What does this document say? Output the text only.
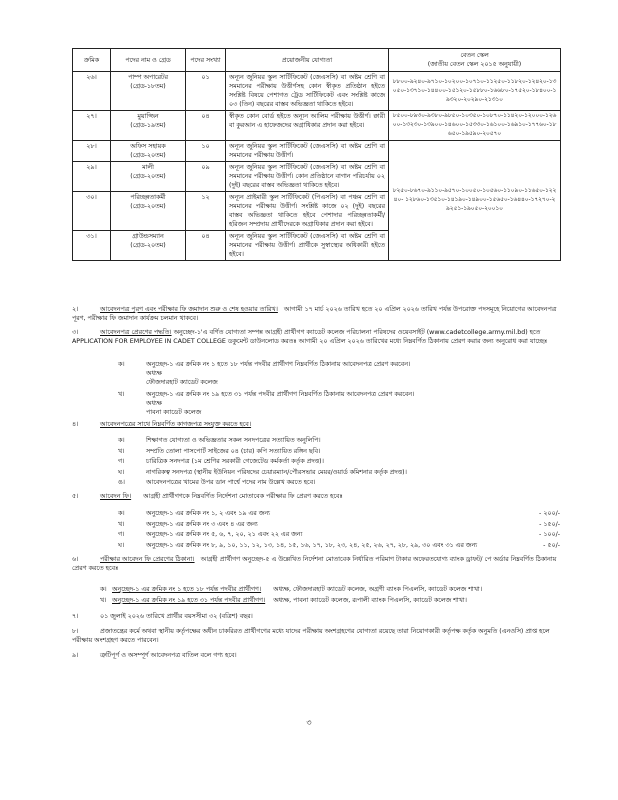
ক্রমিক	পদের নাম ও গ্রেড	পদের সংখ্যা	প্রয়োজনীয় যোগ্যতা	বেতন স্কেল
(জাতীয় বেতন স্কেল ২০১৫ অনুযায়ী)
২৬।	পাম্প অপারেটর
(গ্রেড-১৮তম)	০১	অন্যূন জুনিয়র স্কুল সার্টিফিকেট (জেএসসি) বা অষ্টম শ্রেণি বা সমমানের পরীক্ষায় উত্তীর্ণসহ কোন স্বীকৃত প্রতিষ্ঠান হইতে সংশ্লিষ্ট বিষয়ে পেশাগত ট্রেড সার্টিফিকেট এবং সংশ্লিষ্ট কাজে ০৩ (তিন) বছরের বাস্তব অভিজ্ঞতা থাকিতে হইবে।	৮৮০০-৯২৪০-৯৭১০-১০২০০-১০৭১০-১১২৫০-১১৮২০-১২৪২০-১৩০৫০-১৩৭১০-১৪৪০০-১৫১২০-১৫৮৮০-১৬৬৮০-১৭৫২০-১৮৪০০-১৯৩২০-২০২৯০-২১৩১০
২৭।	মুয়াজ্জিন
(গ্রেড-১৯তম)	০৪	স্বীকৃত কোন বোর্ড হইতে অন্যূন আলিম পরীক্ষায় উত্তীর্ণ। ক্বারী বা কুরআন এ হাফেজদের অগ্রাধিকার প্রদান করা হইবে।	৮৫০০-৮৯৩০-৯৩৮০-৯৮৫০-১০৩৫০-১০৮৭০-১১৪২০-১২০০০-১২৬০০-১৩২৩০-১৩৯০০-১৪৬০০-১৫৩৩০-১৬১০০-১৬৯১০-১৭৭৬০-১৮৬৫০-১৯৫৯০-২০৫৭০
২৮।	অফিস সহায়ক
(গ্রেড-২০তম)	১০	অন্যূন জুনিয়র স্কুল সার্টিফিকেট (জেএসসি) বা অষ্টম শ্রেণি বা সমমানের পরীক্ষায় উত্তীর্ণ।	৮২৫০-৮৬৭০-৯১১০-৯৫৭০-১০০৫০-১০৫৬০-১১০৯০-১১৬৫০-১২২৪০- ১২৮৬০-১৩৫১০-১৪১৯০-১৪৯০০-১৫৬৫০-১৬৪৪০-১৭২৭০-২৯২৫১-১৯০৫০-২০০১০
২৯।	মালী
(গ্রেড-২০তম)	০৯	অন্যূন জুনিয়র স্কুল সার্টিফিকেট (জেএসসি) বা অষ্টম শ্রেণি বা সমমানের পরীক্ষায় উত্তীর্ণ। কোন প্রতিষ্ঠানে বাগান পরিচর্যায় ০২ (দুই) বছরের বাস্তব অভিজ্ঞতা থাকিতে হইবে।	
৩০।	পরিচ্ছন্নতাকর্মী
(গ্রেড-২০তম)	১২	অন্যূন প্রাইমারী স্কুল সার্টিফিকেট (পিএসসি) বা পঞ্চম শ্রেণি বা সমমানের পরীক্ষায় উত্তীর্ণ। সংশ্লিষ্ট কাজে ০২ (দুই) বছরের বাস্তব অভিজ্ঞতা থাকিতে হইবে পেশাদার পরিচ্ছন্নতাকর্মী/ হরিজন সম্প্রদায় প্রার্থীদেরকে অগ্রাধিকার প্রদান করা হইবে।	
৩১।	গ্রাউন্ডসম্যান
(গ্রেড-২০তম)	০৪	অন্যূন জুনিয়র স্কুল সার্টিফিকেট (জেএসসি) বা অষ্টম শ্রেণি বা সমমানের পরীক্ষায় উত্তীর্ণ। প্রার্থীকে সুস্বাস্থ্যের অধিকারী হইতে হইবে।	
২।	আবেদনপত্র পূরণ এবং পরীক্ষার ফি জমাদান শুরু ও শেষ হওয়ার তারিখ। আগামী ১৭ মার্চ ২০২৬ তারিখ হতে ২০ এপ্রিল ২০২৬ তারিখ পর্যন্ত উপরোক্ত পদসমূহে নিয়োগের আবেদনপত্র পূরণ, পরীক্ষার ফি জমাদান কার্যক্রম চলমান থাকবে।
৩।	আবেদনপত্র প্রেরণের পদ্ধতি। অনুচ্ছেদ-১'এ বর্ণিত যোগ্যতা সম্পন্ন আগ্রহী প্রার্থীগণ ক্যাডেট কলেজ পরিচালনা পরিষদের ওয়েবসাইট (www.cadetcollege.army.mil.bd) হতে APPLICATION FOR EMPLOYEE IN CADET COLLEGE ডকুমেন্ট ডাউনলোড করতঃ আগামী ২০ এপ্রিল ২০২৬ তারিখের মধ্যে নিম্নবর্ণিত ঠিকানায় প্রেরণ করার জন্য অনুরোধ করা যাচ্ছেঃ
ক।	অনুচ্ছেদ-১ এর ক্রমিক নং ১ হতে ১৮ পর্যন্ত পদবীর প্রার্থীগণ নিম্নবর্ণিত ঠিকানায় আবেদনপত্র প্রেরণ করবেন।
অধ্যক্ষ
ফৌজদারহাট ক্যাডেট কলেজ
খ।	অনুচ্ছেদ-১ এর ক্রমিক নং ১৯ হতে ৩১ পর্যন্ত পদবীর প্রার্থীগণ নিম্নবর্ণিত ঠিকানায় আবেদনপত্র প্রেরণ করবেন।
অধ্যক্ষ
পাবনা ক্যাডেট কলেজ
৪।	আবেদনপত্রের সাথে নিম্নবর্ণিত কাগজপত্র সংযুক্ত করতে হবে।
ক।	শিক্ষাগত যোগ্যতা ও অভিজ্ঞতার সকল সনদপত্রের সত্যায়িত অনুলিপি।
খ।	সম্প্রতি তোলা পাসপোর্ট সাইজের ০৪ (চার) কপি সত্যায়িত রঙ্গিন ছবি।
গ।	চারিত্রিক সনদপত্র (১ম শ্রেণির সরকারী গেজেটেড কর্মকর্তা কর্তৃক প্রদত্ত)।
ঘ।	নাগরিকত্ব সনদপত্র (স্থানীয় ইউনিয়ন পরিষদের চেয়ারম্যান/পৌরসভার মেয়র/ওয়ার্ড কমিশনার কর্তৃক প্রদত্ত)।
ঙ।	আবেদনপত্রের খামের উপর ডান পার্শ্বে পদের নাম উল্লেখ করতে হবে।
৫।	আবেদন ফি। আগ্রহী প্রার্থীগণকে নিম্নবর্ণিত নির্দেশনা মোতাবেক পরীক্ষার ফি প্রেরণ করতে হবেঃ
ক।	অনুচ্ছেদ-১ এর ক্রমিক নং ১, ২ এবং ১৯ এর জন্য	- ২০০/-
খ।	অনুচ্ছেদ-১ এর ক্রমিক নং ৩ এবং ৪ এর জন্য	- ১৫০/-
গ।	অনুচ্ছেদ-১ এর ক্রমিক নং ৫, ৬, ৭, ২০, ২১ এবং ২২ এর জন্য	- ১০০/-
ঘ।	অনুচ্ছেদ-১ এর ক্রমিক নং ৮, ৯, ১০, ১১, ১২, ১৩, ১৪, ১৫, ১৬, ১৭, ১৮, ২৩, ২৪, ২৫, ২৬, ২৭, ২৮, ২৯, ৩০ এবং ৩১ এর জন্য	- ৫০/-
৬।	পরীক্ষার আবেদন ফি প্রেরণের ঠিকানা। আগ্রহী প্রার্থীগণ অনুচ্ছেদ-৫ এ উল্লেখিত নির্দেশনা মোতাবেক নির্ধারিত পরিমাণ টাকার অফেরতযোগ্য ব্যাংক ড্রাফট/ পে অর্ডার নিম্নবর্ণিত ঠিকানায় প্রেরণ করতে হবেঃ
ক। অনুচ্ছেদ-১ এর ক্রমিক নং ১ হতে ১৮ পর্যন্ত পদবীর প্রার্থীগণ। অধ্যক্ষ, ফৌজদারহাট ক্যাডেট কলেজ, অগ্রণী ব্যাংক পিএলসি, ক্যাডেট কলেজ শাখা।
খ। অনুচ্ছেদ-১ এর ক্রমিক নং ১৯ হতে ৩১ পর্যন্ত পদবীর প্রার্থীগণ। অধ্যক্ষ, পাবনা ক্যাডেট কলেজ, রূপালী ব্যাংক পিএলসি, ক্যাডেট কলেজ শাখা।
৭।	০১ জুলাই ২০২৬ তারিখে প্রার্থীর বয়সসীমা ৩২ (বত্রিশ) বছর।
৮।	প্রজাতন্ত্রের কর্মে অথবা স্থানীয় কর্তৃপক্ষের অধীন চাকরিরত প্রার্থীগণের মধ্যে যাদের পরীক্ষায় অংশগ্রহণের যোগ্যতা রয়েছে তারা নিয়োগকারী কর্তৃপক্ষ কর্তৃক অনুমতি (এনওসি) প্রাপ্ত হলে পরীক্ষায় অংশগ্রহণ করতে পারবেন।
৯।	ত্রুটিপূর্ণ ও অসম্পূর্ণ আবেদনপত্র বাতিল বলে গণ্য হবে।
৩
